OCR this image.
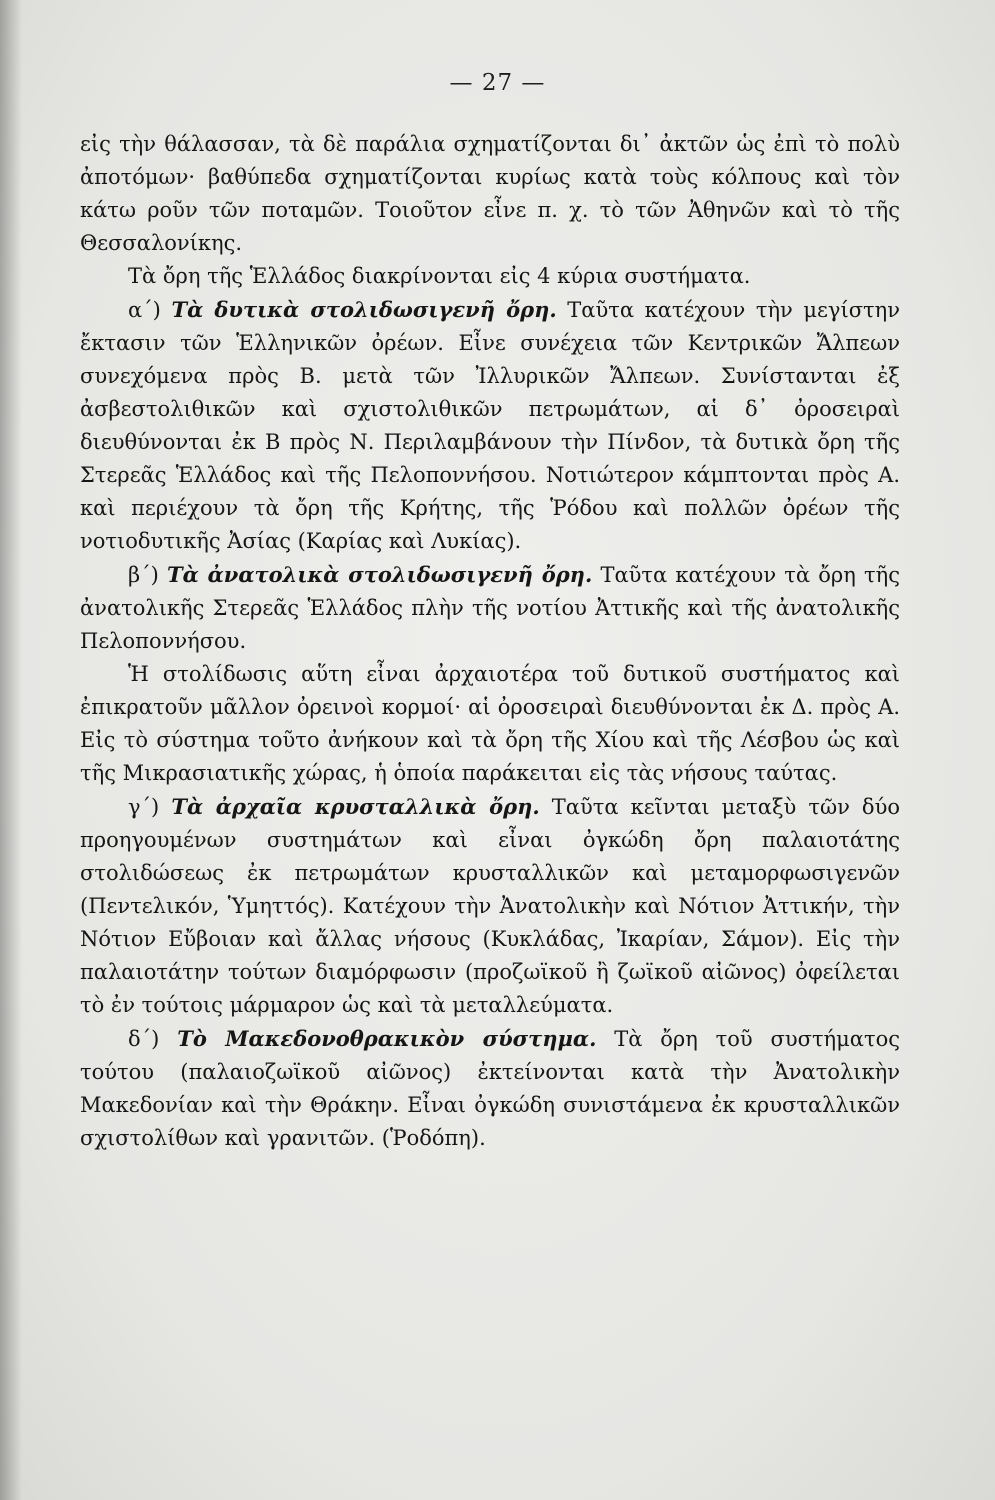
— 27 —

εἰς τὴν θάλασσαν, τὰ δὲ παράλια σχηματίζονται δι᾽ ἀκτῶν ὡς ἐπὶ τὸ πολὺ ἀποτόμων· βαθύπεδα σχηματίζονται κυρίως κατὰ τοὺς κόλπους καὶ τὸν κάτω ροῦν τῶν ποταμῶν. Τοιοῦτον εἶνε π. χ. τὸ τῶν Ἀθηνῶν καὶ τὸ τῆς Θεσσαλονίκης.

Τὰ ὄρη τῆς Ἑλλάδος διακρίνονται εἰς 4 κύρια συστήματα.

α΄) Τὰ δυτικὰ στολιδωσιγενῆ ὄρη. Ταῦτα κατέχουν τὴν μεγίστην ἔκτασιν τῶν Ἑλληνικῶν ὀρέων. Εἶνε συνέχεια τῶν Κεντρικῶν Ἄλπεων συνεχόμενα πρὸς Β. μετὰ τῶν Ἰλλυρικῶν Ἄλπεων. Συνίστανται ἐξ ἀσβεστολιθικῶν καὶ σχιστολιθικῶν πετρωμάτων, αἱ δ᾽ ὀροσειραὶ διευθύνονται ἐκ Β πρὸς Ν. Περιλαμβάνουν τὴν Πίνδον, τὰ δυτικὰ ὄρη τῆς Στερεᾶς Ἑλλάδος καὶ τῆς Πελοποννήσου. Νοτιώτερον κάμπτονται πρὸς Α. καὶ περιέχουν τὰ ὄρη τῆς Κρήτης, τῆς Ῥόδου καὶ πολλῶν ὀρέων τῆς νοτιοδυτικῆς Ἀσίας (Καρίας καὶ Λυκίας).

β΄) Τὰ ἀνατολικὰ στολιδωσιγενῆ ὄρη. Ταῦτα κατέχουν τὰ ὄρη τῆς ἀνατολικῆς Στερεᾶς Ἑλλάδος πλὴν τῆς νοτίου Ἀττικῆς καὶ τῆς ἀνατολικῆς Πελοποννήσου.

Ἡ στολίδωσις αὕτη εἶναι ἀρχαιοτέρα τοῦ δυτικοῦ συστήματος καὶ ἐπικρατοῦν μᾶλλον ὀρεινοὶ κορμοί· αἱ ὀροσειραὶ διευθύνονται ἐκ Δ. πρὸς Α. Εἰς τὸ σύστημα τοῦτο ἀνήκουν καὶ τὰ ὄρη τῆς Χίου καὶ τῆς Λέσβου ὡς καὶ τῆς Μικρασιατικῆς χώρας, ἡ ὁποία παράκειται εἰς τὰς νήσους ταύτας.

γ΄) Τὰ ἀρχαῖα κρυσταλλικὰ ὄρη. Ταῦτα κεῖνται μεταξὺ τῶν δύο προηγουμένων συστημάτων καὶ εἶναι ὀγκώδη ὄρη παλαιοτάτης στολιδώσεως ἐκ πετρωμάτων κρυσταλλικῶν καὶ μεταμορφωσιγενῶν (Πεντελικόν, Ὑμηττός). Κατέχουν τὴν Ἀνατολικὴν καὶ Νότιον Ἀττικήν, τὴν Νότιον Εὔβοιαν καὶ ἄλλας νήσους (Κυκλάδας, Ἰκαρίαν, Σάμον). Εἰς τὴν παλαιοτάτην τούτων διαμόρφωσιν (προζωϊκοῦ ἢ ζωϊκοῦ αἰῶνος) ὀφείλεται τὸ ἐν τούτοις μάρμαρον ὡς καὶ τὰ μεταλλεύματα.

δ΄) Τὸ Μακεδονοθρακικὸν σύστημα. Τὰ ὄρη τοῦ συστήματος τούτου (παλαιοζωϊκοῦ αἰῶνος) ἐκτείνονται κατὰ τὴν Ἀνατολικὴν Μακεδονίαν καὶ τὴν Θράκην. Εἶναι ὀγκώδη συνιστάμενα ἐκ κρυσταλλικῶν σχιστολίθων καὶ γρανιτῶν. (Ῥοδόπη).
